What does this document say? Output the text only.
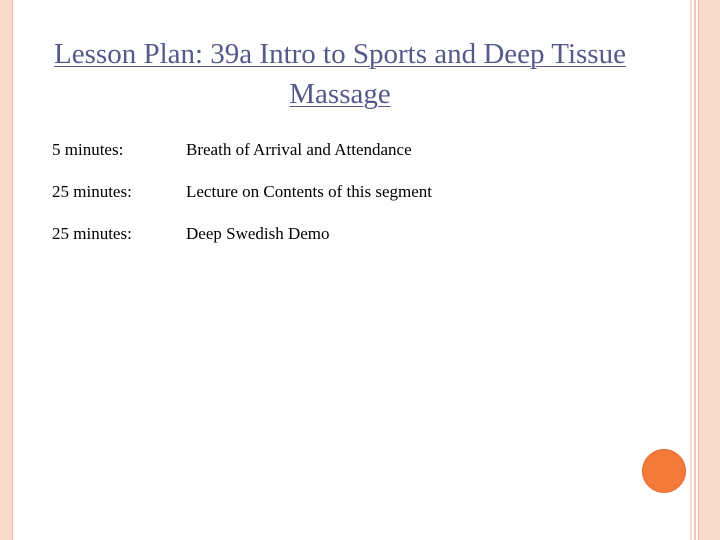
Lesson Plan: 39a Intro to Sports and Deep Tissue Massage
5 minutes:	Breath of Arrival and Attendance
25 minutes:	Lecture on Contents of this segment
25 minutes:	Deep Swedish Demo
